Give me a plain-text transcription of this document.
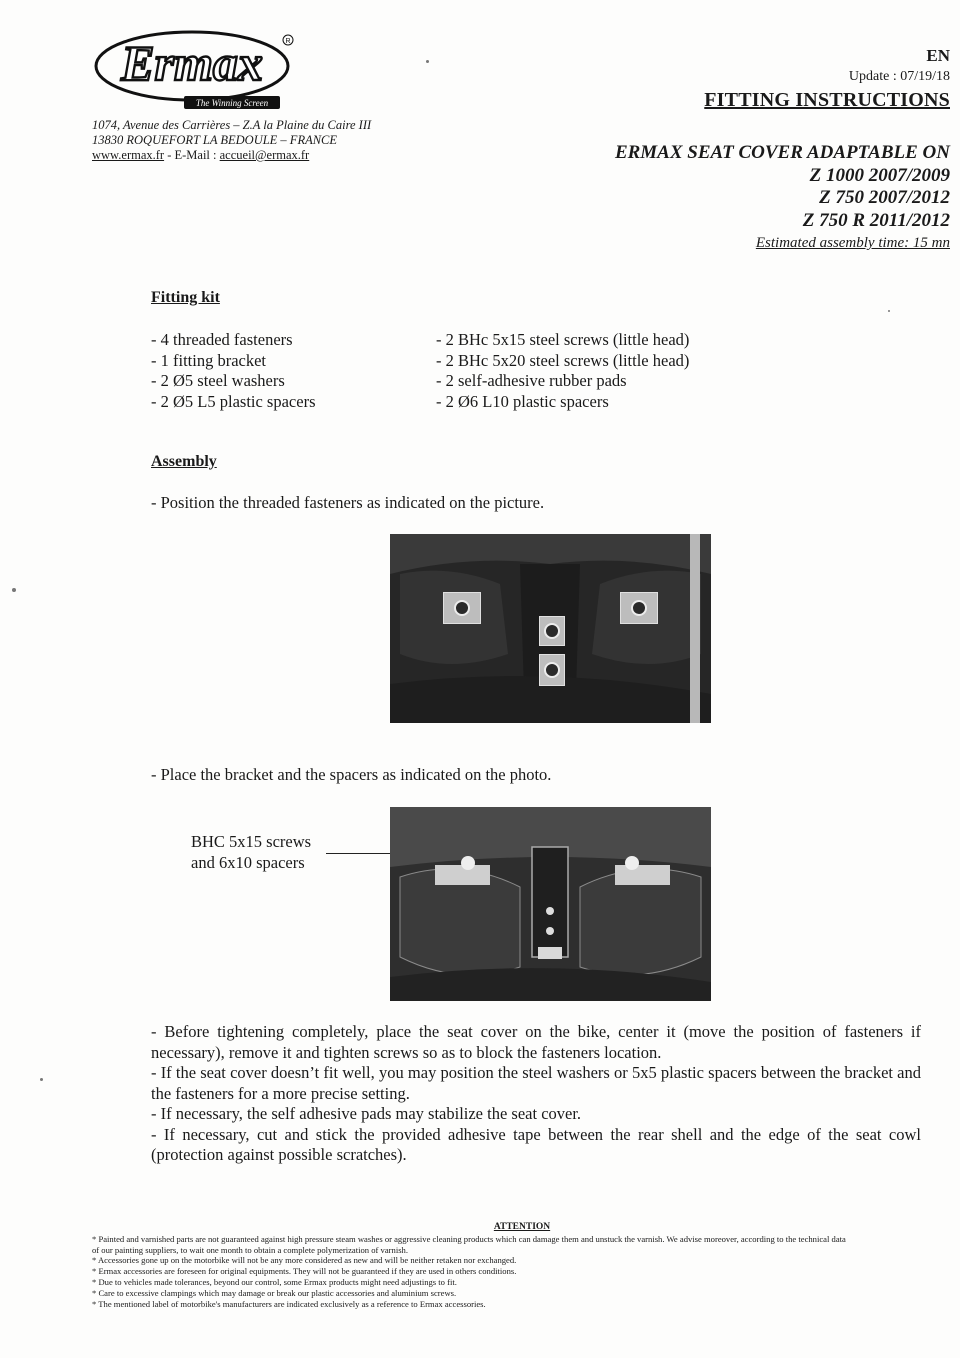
Ermax	R
The Winning Screen
1074, Avenue des Carrières – Z.A la Plaine du Caire III
13830 ROQUEFORT LA BEDOULE – FRANCE
www.ermax.fr - E-Mail : accueil@ermax.fr
EN
Update : 07/19/18
FITTING INSTRUCTIONS
ERMAX SEAT COVER ADAPTABLE ON
Z 1000 2007/2009
Z 750 2007/2012
Z 750 R 2011/2012
Estimated assembly time: 15 mn
Fitting kit
- 4 threaded fasteners
- 1 fitting bracket
- 2 Ø5 steel washers
- 2 Ø5 L5 plastic spacers
- 2 BHc 5x15 steel screws (little head)
- 2 BHc 5x20 steel screws (little head)
- 2 self-adhesive rubber pads
- 2 Ø6 L10 plastic spacers
Assembly
- Position the threaded fasteners as indicated on the picture.
- Place the bracket and the spacers as indicated on the photo.
BHC 5x15 screws
and 6x10 spacers
- Before tightening completely, place the seat cover on the bike, center it (move the position of fasteners if necessary), remove it and tighten screws so as to block the fasteners location.
- If the seat cover doesn’t fit well, you may position the steel washers or 5x5 plastic spacers between the bracket and the fasteners for a more precise setting.
- If necessary, the self adhesive pads may stabilize the seat cover.
- If necessary, cut and stick the provided adhesive tape between the rear shell and the edge of the seat cowl (protection against possible scratches).
ATTENTION
* Painted and varnished parts are not guaranteed against high pressure steam washes or aggressive cleaning products which can damage them and unstuck the varnish. We advise moreover, according to the technical data
of our painting suppliers, to wait one month to obtain a complete polymerization of varnish.
* Accessories gone up on the motorbike will not be any more considered as new and will be neither retaken nor exchanged.
* Ermax accessories are foreseen for original equipments. They will not be guaranteed if they are used in others conditions.
* Due to vehicles made tolerances, beyond our control, some Ermax products might need adjustings to fit.
* Care to excessive clampings which may damage or break our plastic accessories and aluminium screws.
* The mentioned label of motorbike's manufacturers are indicated exclusively as a reference to Ermax accessories.
